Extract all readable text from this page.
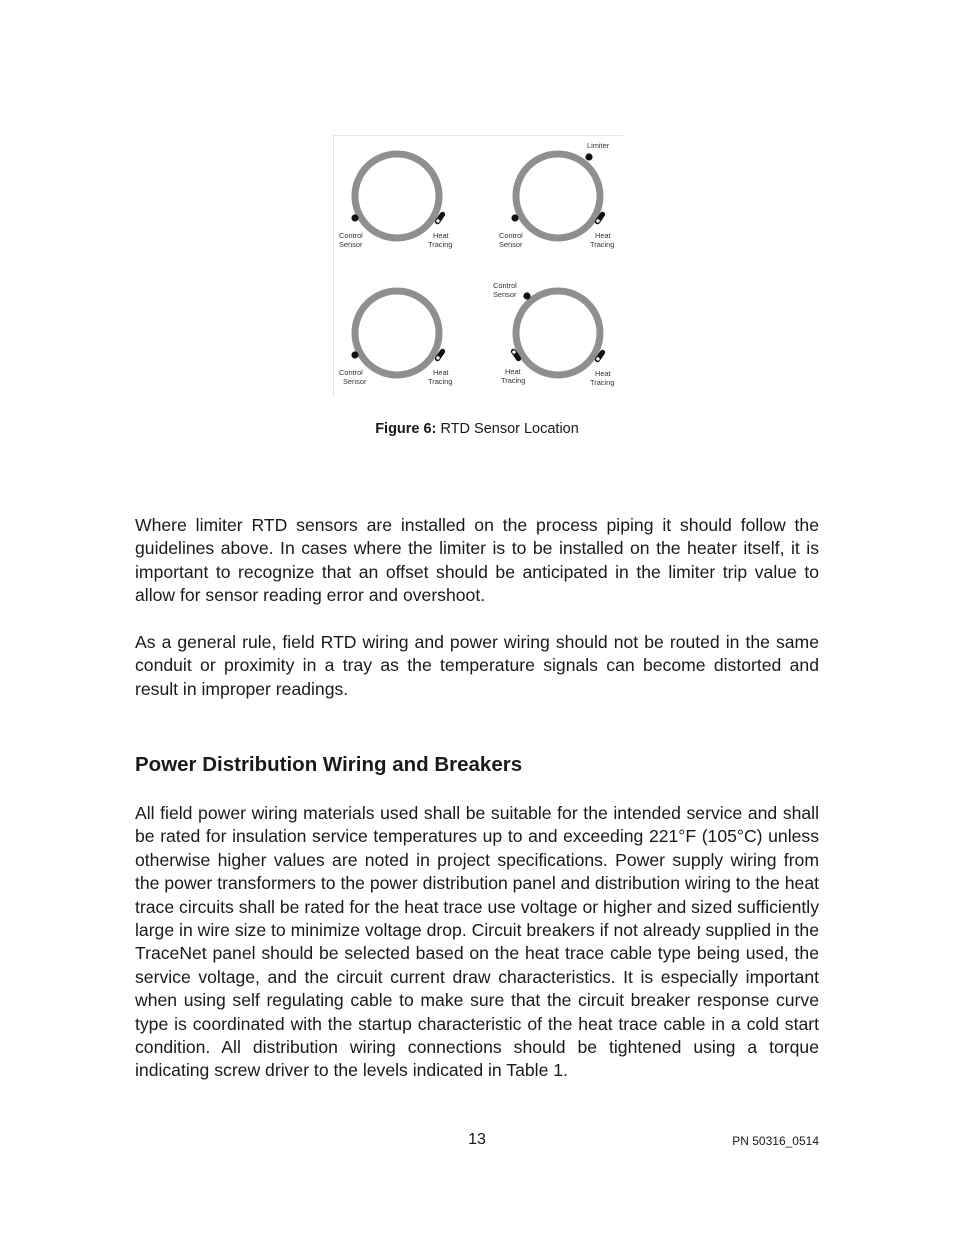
Control
Sensor
Heat
Tracing
Limiter
Control
Sensor
Heat
Tracing
Control
Sensor
Heat
Tracing
Control
Sensor
Heat
Tracing
Heat
Tracing
Figure 6: RTD Sensor Location

Where limiter RTD sensors are installed on the process piping it should follow the guidelines above. In cases where the limiter is to be installed on the heater itself, it is important to recognize that an offset should be anticipated in the limiter trip value to allow for sensor reading error and overshoot.

As a general rule, field RTD wiring and power wiring should not be routed in the same conduit or proximity in a tray as the temperature signals can become distorted and result in improper readings.

Power Distribution Wiring and Breakers

All field power wiring materials used shall be suitable for the intended service and shall be rated for insulation service temperatures up to and exceeding 221°F (105°C) unless otherwise higher values are noted in project specifications. Power supply wiring from the power transformers to the power distribution panel and distribution wiring to the heat trace circuits shall be rated for the heat trace use voltage or higher and sized sufficiently large in wire size to minimize voltage drop. Circuit breakers if not already supplied in the TraceNet panel should be selected based on the heat trace cable type being used, the service voltage, and the circuit current draw characteristics. It is especially important when using self regulating cable to make sure that the circuit breaker response curve type is coordinated with the startup characteristic of the heat trace cable in a cold start condition. All distribution wiring connections should be tightened using a torque indicating screw driver to the levels indicated in Table 1.

13	PN 50316_0514
